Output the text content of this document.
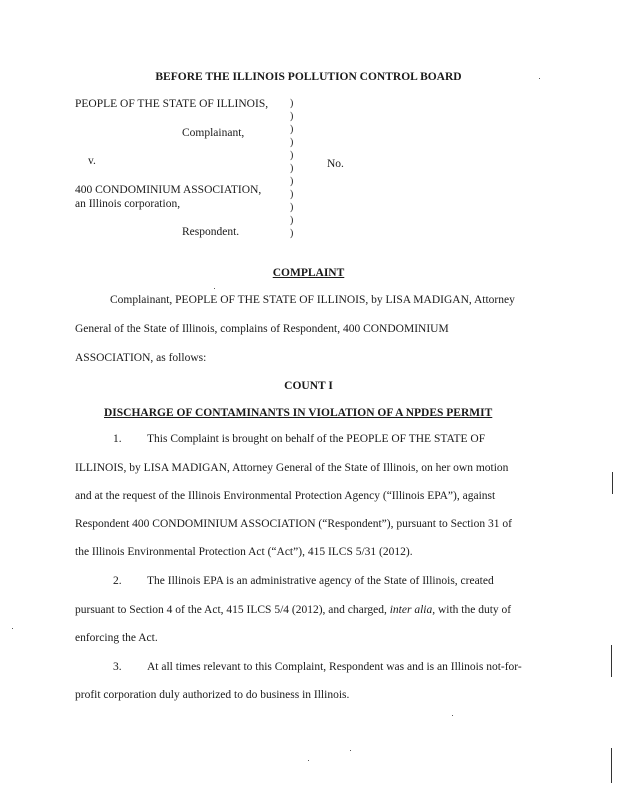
BEFORE THE ILLINOIS POLLUTION CONTROL BOARD
PEOPLE OF THE STATE OF ILLINOIS,
Complainant,
v.	No.
400 CONDOMINIUM ASSOCIATION,
an Illinois corporation,
Respondent.
)
)
)
)
)
)
)
)
)
)
)
COMPLAINT
Complainant, PEOPLE OF THE STATE OF ILLINOIS, by LISA MADIGAN, Attorney
General of the State of Illinois, complains of Respondent, 400 CONDOMINIUM
ASSOCIATION, as follows:
COUNT I
DISCHARGE OF CONTAMINANTS IN VIOLATION OF A NPDES PERMIT
1. This Complaint is brought on behalf of the PEOPLE OF THE STATE OF
ILLINOIS, by LISA MADIGAN, Attorney General of the State of Illinois, on her own motion
and at the request of the Illinois Environmental Protection Agency (“Illinois EPA”), against
Respondent 400 CONDOMINIUM ASSOCIATION (“Respondent”), pursuant to Section 31 of
the Illinois Environmental Protection Act (“Act”), 415 ILCS 5/31 (2012).
2. The Illinois EPA is an administrative agency of the State of Illinois, created
pursuant to Section 4 of the Act, 415 ILCS 5/4 (2012), and charged, inter alia, with the duty of
enforcing the Act.
3. At all times relevant to this Complaint, Respondent was and is an Illinois not-for-
profit corporation duly authorized to do business in Illinois.
